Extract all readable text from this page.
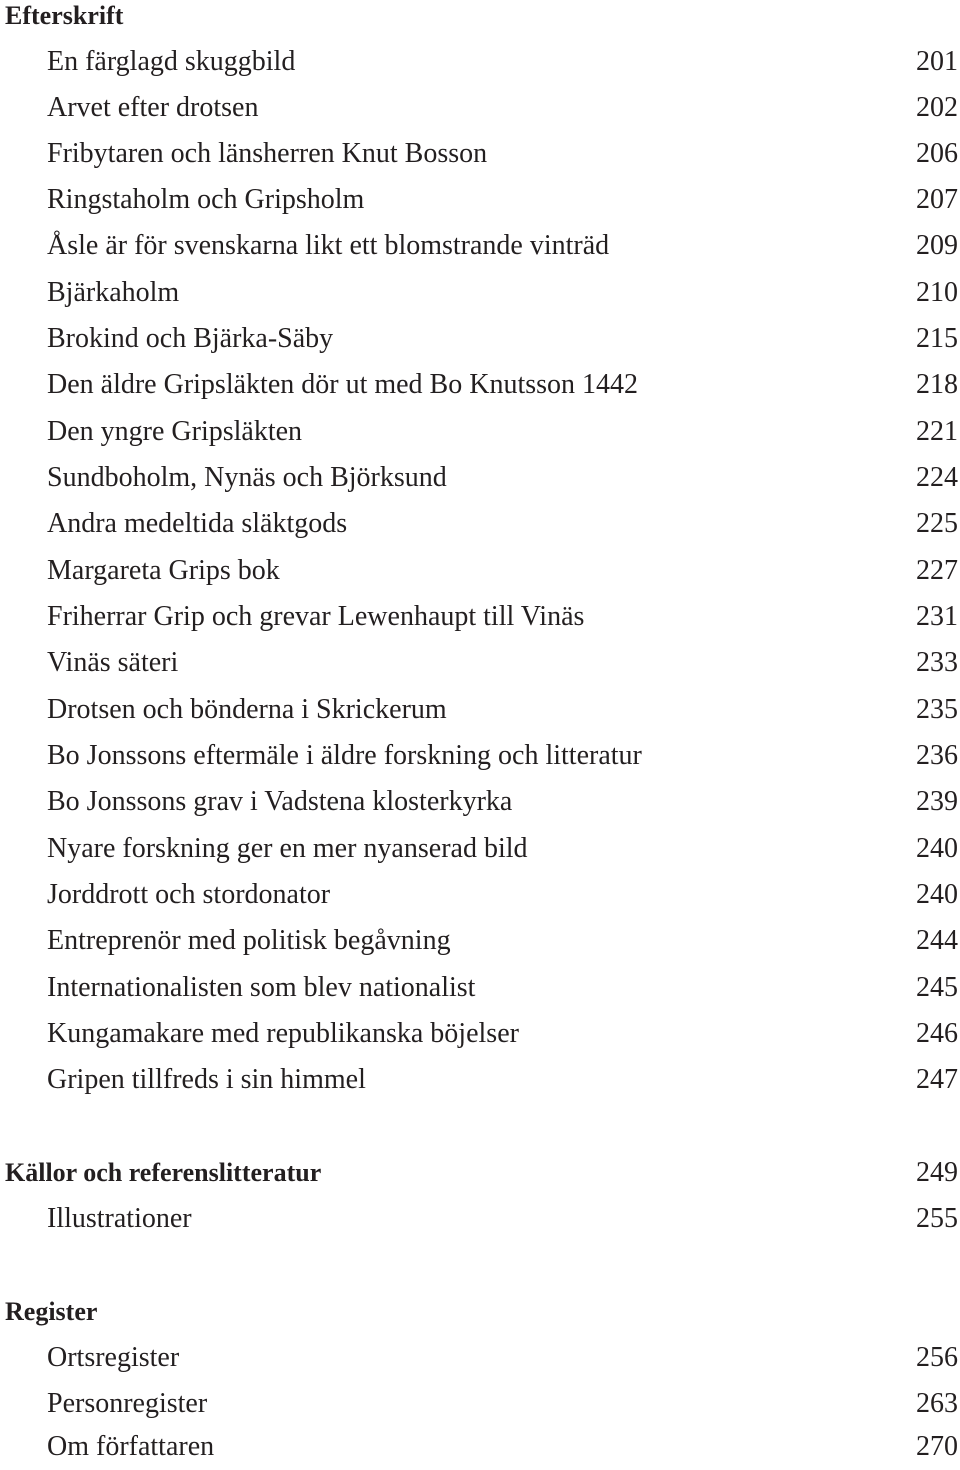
Efterskrift
En färglagd skuggbild	201
Arvet efter drotsen	202
Fribytaren och länsherren Knut Bosson	206
Ringstaholm och Gripsholm	207
Åsle är för svenskarna likt ett blomstrande vinträd	209
Bjärkaholm	210
Brokind och Bjärka-Säby	215
Den äldre Gripsläkten dör ut med Bo Knutsson 1442	218
Den yngre Gripsläkten	221
Sundboholm, Nynäs och Björksund	224
Andra medeltida släktgods	225
Margareta Grips bok	227
Friherrar Grip och grevar Lewenhaupt till Vinäs	231
Vinäs säteri	233
Drotsen och bönderna i Skrickerum	235
Bo Jonssons eftermäle i äldre forskning och litteratur	236
Bo Jonssons grav i Vadstena klosterkyrka	239
Nyare forskning ger en mer nyanserad bild	240
Jorddrott och stordonator	240
Entreprenör med politisk begåvning	244
Internationalisten som blev nationalist	245
Kungamakare med republikanska böjelser	246
Gripen tillfreds i sin himmel	247
Källor och referenslitteratur	249
Illustrationer	255
Register
Ortsregister	256
Personregister	263
Om författaren	270
